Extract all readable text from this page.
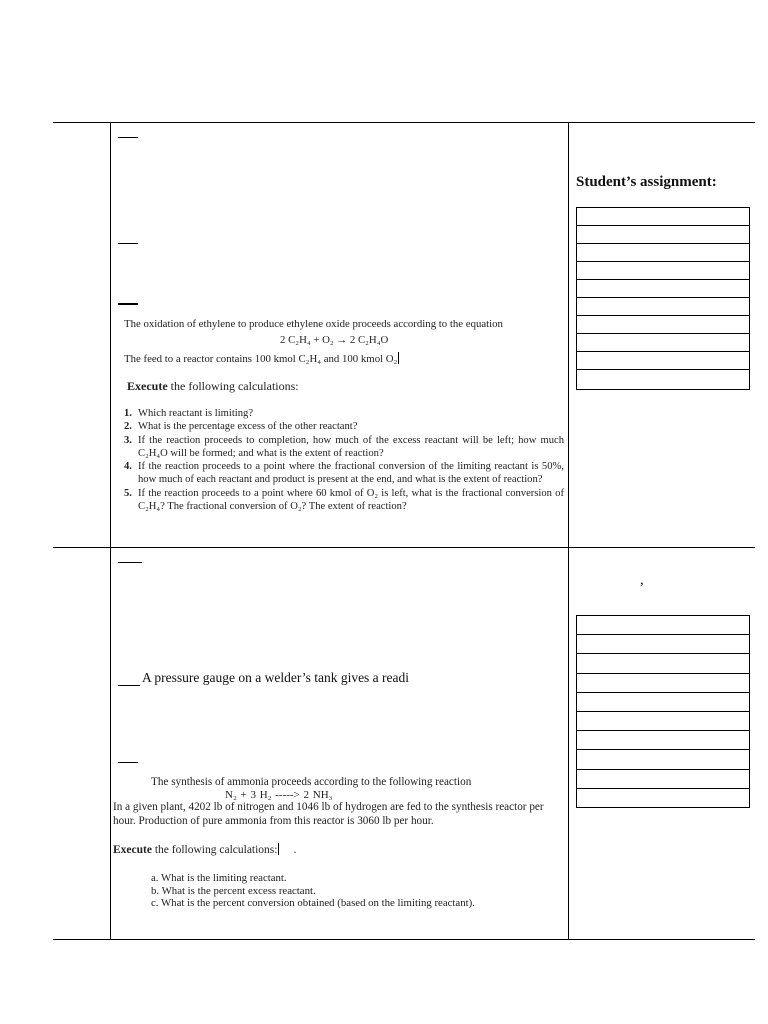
Student’s assignment:
,
The oxidation of ethylene to produce ethylene oxide proceeds according to the equation
2 C₂H₄ + O₂ → 2 C₂H₄O
The feed to a reactor contains 100 kmol C₂H₄ and 100 kmol O₂
Execute the following calculations:
1. Which reactant is limiting?
2. What is the percentage excess of the other reactant?
3. If the reaction proceeds to completion, how much of the excess reactant will be left; how much C₂H₄O will be formed; and what is the extent of reaction?
4. If the reaction proceeds to a point where the fractional conversion of the limiting reactant is 50%, how much of each reactant and product is present at the end, and what is the extent of reaction?
5. If the reaction proceeds to a point where 60 kmol of O₂ is left, what is the fractional conversion of C₂H₄? The fractional conversion of O₂? The extent of reaction?
A pressure gauge on a welder’s tank gives a readi
The synthesis of ammonia proceeds according to the following reaction
N₂ + 3 H₂ -----> 2 NH₃
In a given plant, 4202 lb of nitrogen and 1046 lb of hydrogen are fed to the synthesis reactor per hour. Production of pure ammonia from this reactor is 3060 lb per hour.
Execute the following calculations: .
a. What is the limiting reactant.
b. What is the percent excess reactant.
c. What is the percent conversion obtained (based on the limiting reactant).
